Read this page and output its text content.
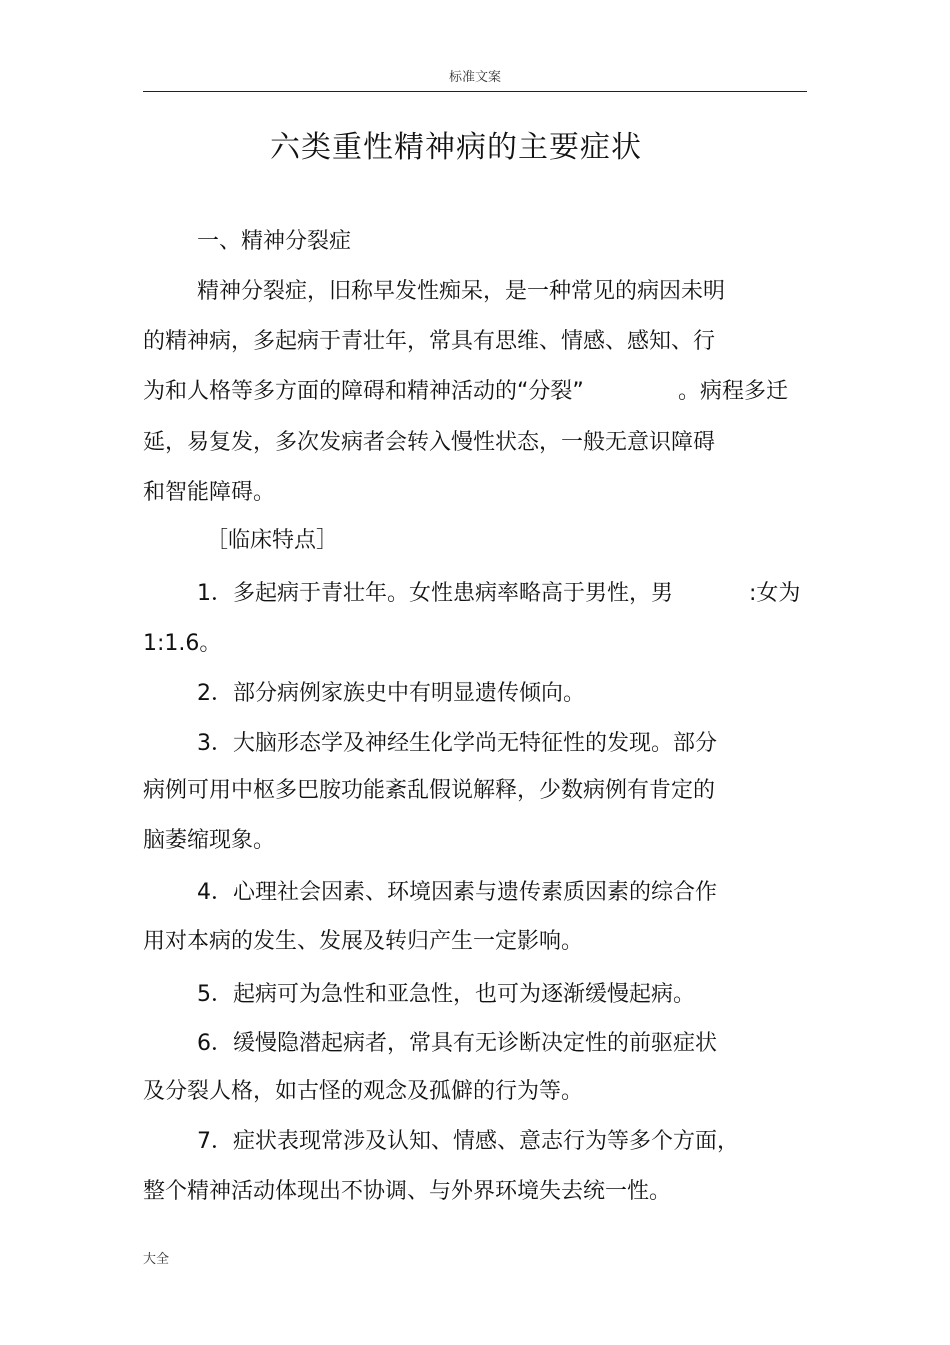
标准文案
六类重性精神病的主要症状
一、精神分裂症
精神分裂症，旧称早发性痴呆，是一种常见的病因未明
的精神病，多起病于青壮年，常具有思维、情感、感知、行
为和人格等多方面的障碍和精神活动的“分裂”	。病程多迁
延，易复发，多次发病者会转入慢性状态，一般无意识障碍
和智能障碍。
［临床特点］
1．多起病于青壮年。女性患病率略高于男性，男	:女为
1:1.6。
2．部分病例家族史中有明显遗传倾向。
3．大脑形态学及神经生化学尚无特征性的发现。部分
病例可用中枢多巴胺功能紊乱假说解释，少数病例有肯定的
脑萎缩现象。
4．心理社会因素、环境因素与遗传素质因素的综合作
用对本病的发生、发展及转归产生一定影响。
5．起病可为急性和亚急性，也可为逐渐缓慢起病。
6．缓慢隐潜起病者，常具有无诊断决定性的前驱症状
及分裂人格，如古怪的观念及孤僻的行为等。
7．症状表现常涉及认知、情感、意志行为等多个方面，
整个精神活动体现出不协调、与外界环境失去统一性。
大全
